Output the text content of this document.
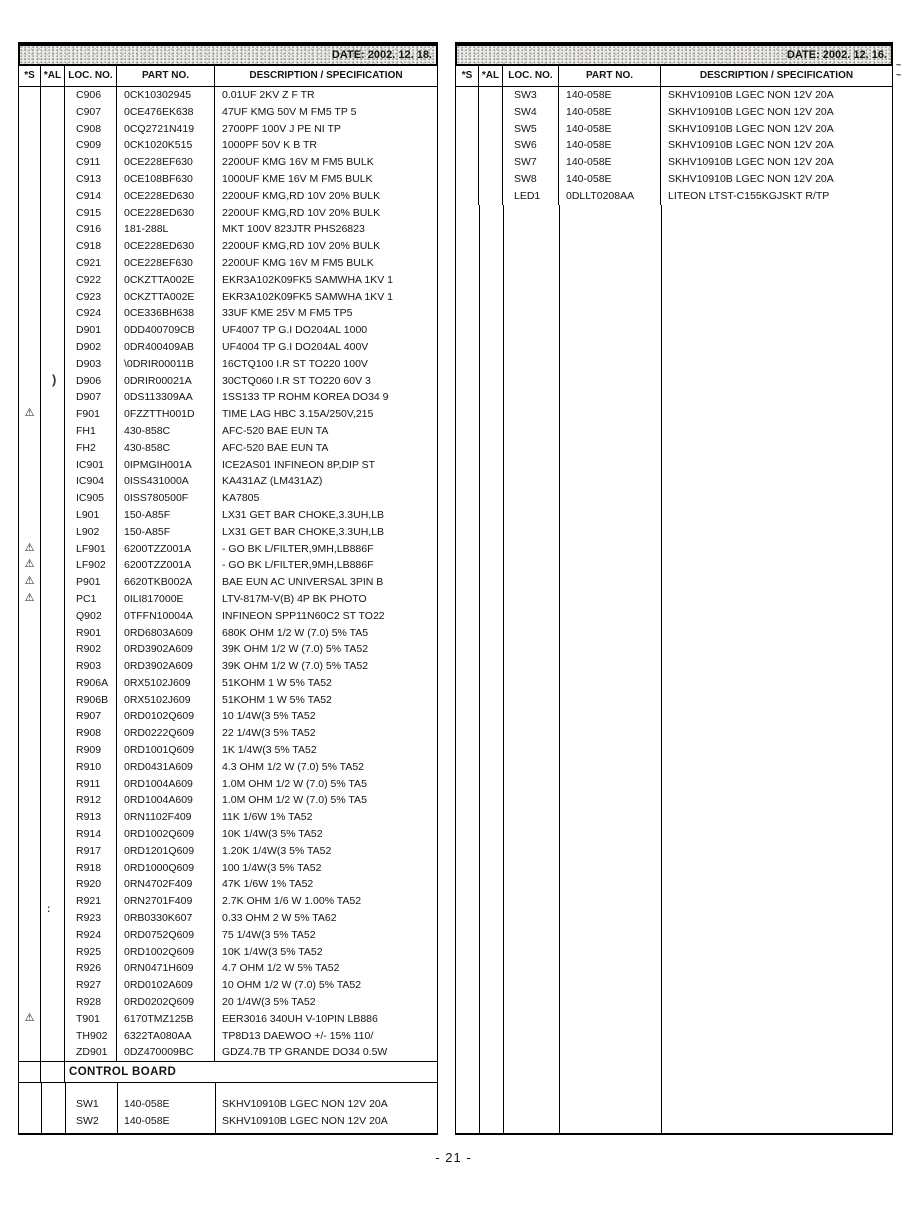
DATE: 2002. 12. 18.
*S *AL LOC. NO.	PART NO.	DESCRIPTION / SPECIFICATION
C906	0CK10302945	0.01UF 2KV Z F TR
C907	0CE476EK638	47UF KMG 50V M FM5 TP 5
C908	0CQ2721N419	2700PF 100V J PE NI TP
C909	0CK1020K515	1000PF 50V K B TR
C911	0CE228EF630	2200UF KMG 16V M FM5 BULK
C913	0CE108BF630	1000UF KME 16V M FM5 BULK
C914	0CE228ED630	2200UF KMG,RD 10V 20% BULK
C915	0CE228ED630	2200UF KMG,RD 10V 20% BULK
C916	181-288L	MKT 100V 823JTR PHS26823
C918	0CE228ED630	2200UF KMG,RD 10V 20% BULK
C921	0CE228EF630	2200UF KMG 16V M FM5 BULK
C922	0CKZTTA002E	EKR3A102K09FK5 SAMWHA 1KV 1
C923	0CKZTTA002E	EKR3A102K09FK5 SAMWHA 1KV 1
C924	0CE336BH638	33UF KME 25V M FM5 TP5
D901	0DD400709CB	UF4007 TP G.I DO204AL 1000
D902	0DR400409AB	UF4004 TP G.I DO204AL 400V
D903	\0DRIR00011B	16CTQ100 I.R ST TO220 100V
D906	0DRIR00021A	30CTQ060 I.R ST TO220 60V 3
D907	0DS113309AA	1SS133 TP ROHM KOREA DO34 9
⚠	F901	0FZZTTH001D	TIME LAG HBC 3.15A/250V,215
FH1	430-858C	AFC-520 BAE EUN TA
FH2	430-858C	AFC-520 BAE EUN TA
IC901	0IPMGIH001A	ICE2AS01 INFINEON 8P,DIP ST
IC904	0ISS431000A	KA431AZ (LM431AZ)
IC905	0ISS780500F	KA7805
L901	150-A85F	LX31 GET BAR CHOKE,3.3UH,LB
L902	150-A85F	LX31 GET BAR CHOKE,3.3UH,LB
⚠	LF901	6200TZZ001A	- GO BK L/FILTER,9MH,LB886F
⚠	LF902	6200TZZ001A	- GO BK L/FILTER,9MH,LB886F
⚠	P901	6620TKB002A	BAE EUN AC UNIVERSAL 3PIN B
⚠	PC1	0ILI817000E	LTV-817M-V(B) 4P BK PHOTO
Q902	0TFFN10004A	INFINEON SPP11N60C2 ST TO22
R901	0RD6803A609	680K OHM 1/2 W (7.0) 5% TA5
R902	0RD3902A609	39K OHM 1/2 W (7.0) 5% TA52
R903	0RD3902A609	39K OHM 1/2 W (7.0) 5% TA52
R906A	0RX5102J609	51KOHM 1 W 5% TA52
R906B	0RX5102J609	51KOHM 1 W 5% TA52
R907	0RD0102Q609	10 1/4W(3 5% TA52
R908	0RD0222Q609	22 1/4W(3 5% TA52
R909	0RD1001Q609	1K 1/4W(3 5% TA52
R910	0RD0431A609	4.3 OHM 1/2 W (7.0) 5% TA52
R911	0RD1004A609	1.0M OHM 1/2 W (7.0) 5% TA5
R912	0RD1004A609	1.0M OHM 1/2 W (7.0) 5% TA5
R913	0RN1102F409	11K 1/6W 1% TA52
R914	0RD1002Q609	10K 1/4W(3 5% TA52
R917	0RD1201Q609	1.20K 1/4W(3 5% TA52
R918	0RD1000Q609	100 1/4W(3 5% TA52
R920	0RN4702F409	47K 1/6W 1% TA52
R921	0RN2701F409	2.7K OHM 1/6 W 1.00% TA52
R923	0RB0330K607	0.33 OHM 2 W 5% TA62
R924	0RD0752Q609	75 1/4W(3 5% TA52
R925	0RD1002Q609	10K 1/4W(3 5% TA52
R926	0RN0471H609	4.7 OHM 1/2 W 5% TA52
R927	0RD0102A609	10 OHM 1/2 W (7.0) 5% TA52
R928	0RD0202Q609	20 1/4W(3 5% TA52
⚠	T901	6170TMZ125B	EER3016 340UH V-10PIN LB886
TH902	6322TA080AA	TP8D13 DAEWOO +/- 15% 110/
ZD901	0DZ470009BC	GDZ4.7B TP GRANDE DO34 0.5W
CONTROL BOARD
SW1	140-058E	SKHV10910B LGEC NON 12V 20A
SW2	140-058E	SKHV10910B LGEC NON 12V 20A
DATE: 2002. 12. 16.
*S *AL LOC. NO.	PART NO.	DESCRIPTION / SPECIFICATION
SW3	140-058E	SKHV10910B LGEC NON 12V 20A
SW4	140-058E	SKHV10910B LGEC NON 12V 20A
SW5	140-058E	SKHV10910B LGEC NON 12V 20A
SW6	140-058E	SKHV10910B LGEC NON 12V 20A
SW7	140-058E	SKHV10910B LGEC NON 12V 20A
SW8	140-058E	SKHV10910B LGEC NON 12V 20A
LED1	0DLLT0208AA	LITEON LTST-C155KGJSKT R/TP
- 21 -
)
:
~
~
